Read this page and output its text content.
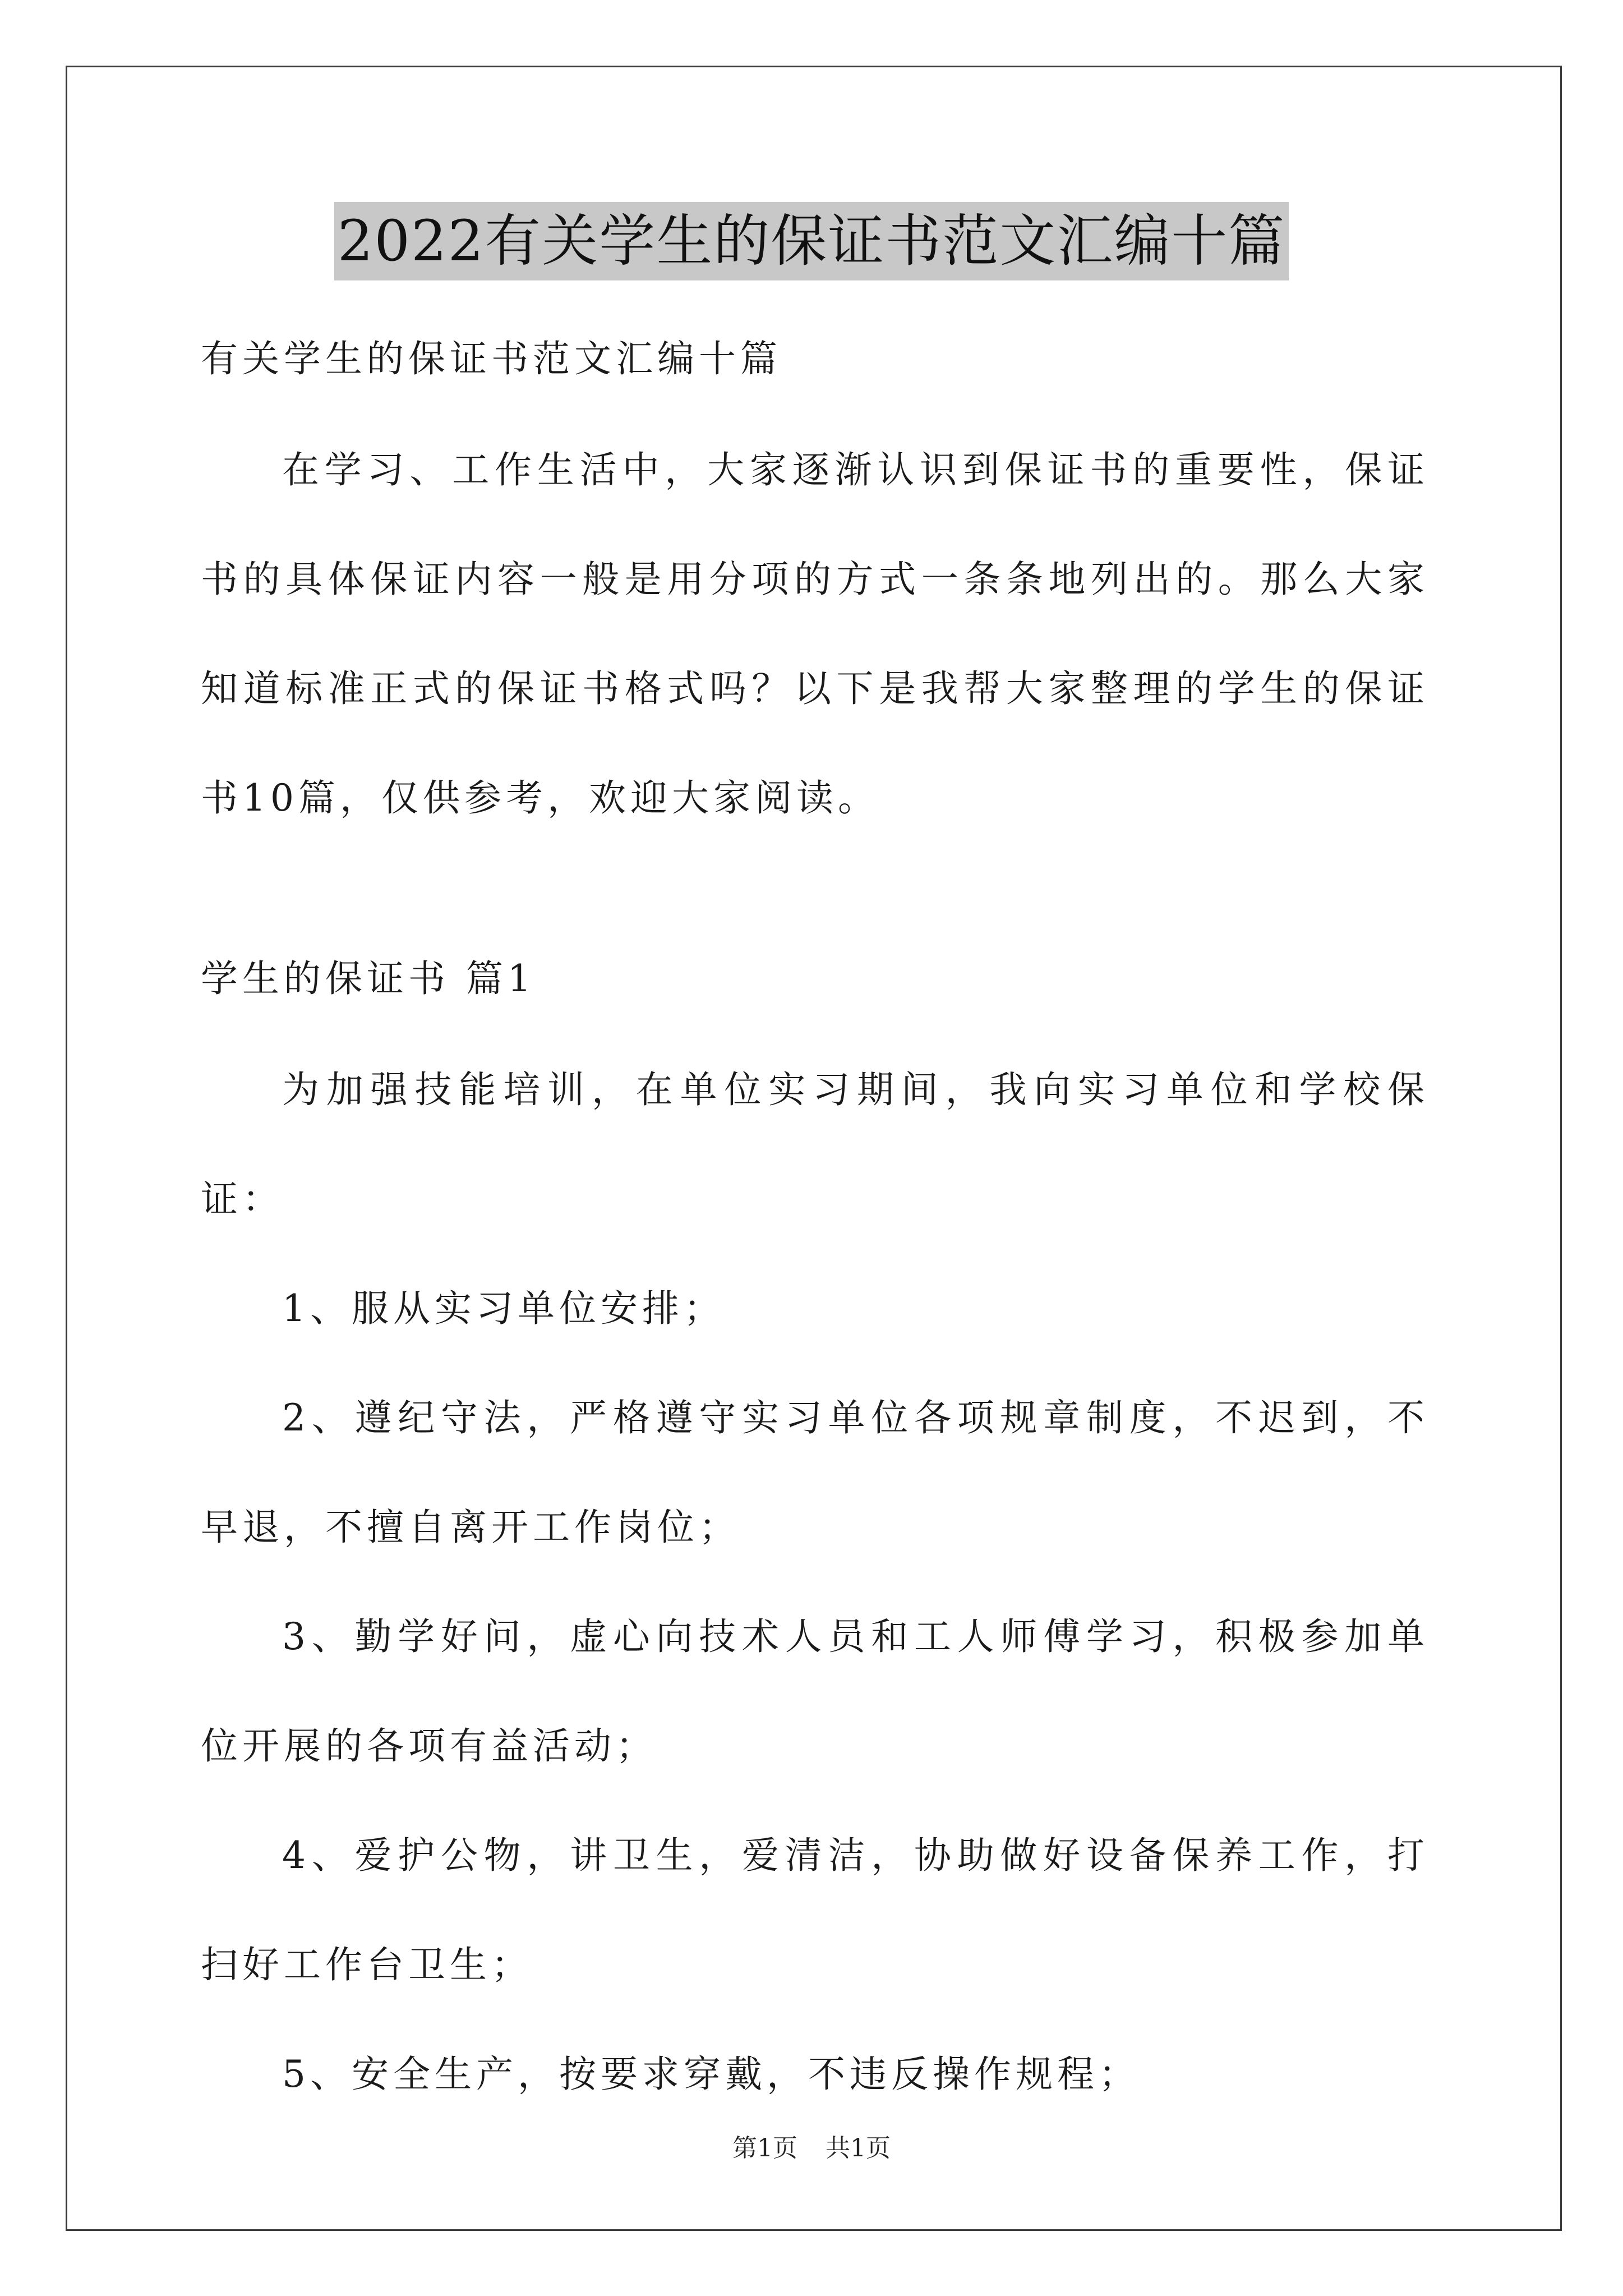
2022有关学生的保证书范文汇编十篇

有关学生的保证书范文汇编十篇

在学习、工作生活中，大家逐渐认识到保证书的重要性，保证书的具体保证内容一般是用分项的方式一条条地列出的。那么大家知道标准正式的保证书格式吗？以下是我帮大家整理的学生的保证书10篇，仅供参考，欢迎大家阅读。

学生的保证书 篇1

为加强技能培训，在单位实习期间，我向实习单位和学校保证：

1、服从实习单位安排；

2、遵纪守法，严格遵守实习单位各项规章制度，不迟到，不早退，不擅自离开工作岗位；

3、勤学好问，虚心向技术人员和工人师傅学习，积极参加单位开展的各项有益活动；

4、爱护公物，讲卫生，爱清洁，协助做好设备保养工作，打扫好工作台卫生；

5、安全生产，按要求穿戴，不违反操作规程；

第1页 共1页
